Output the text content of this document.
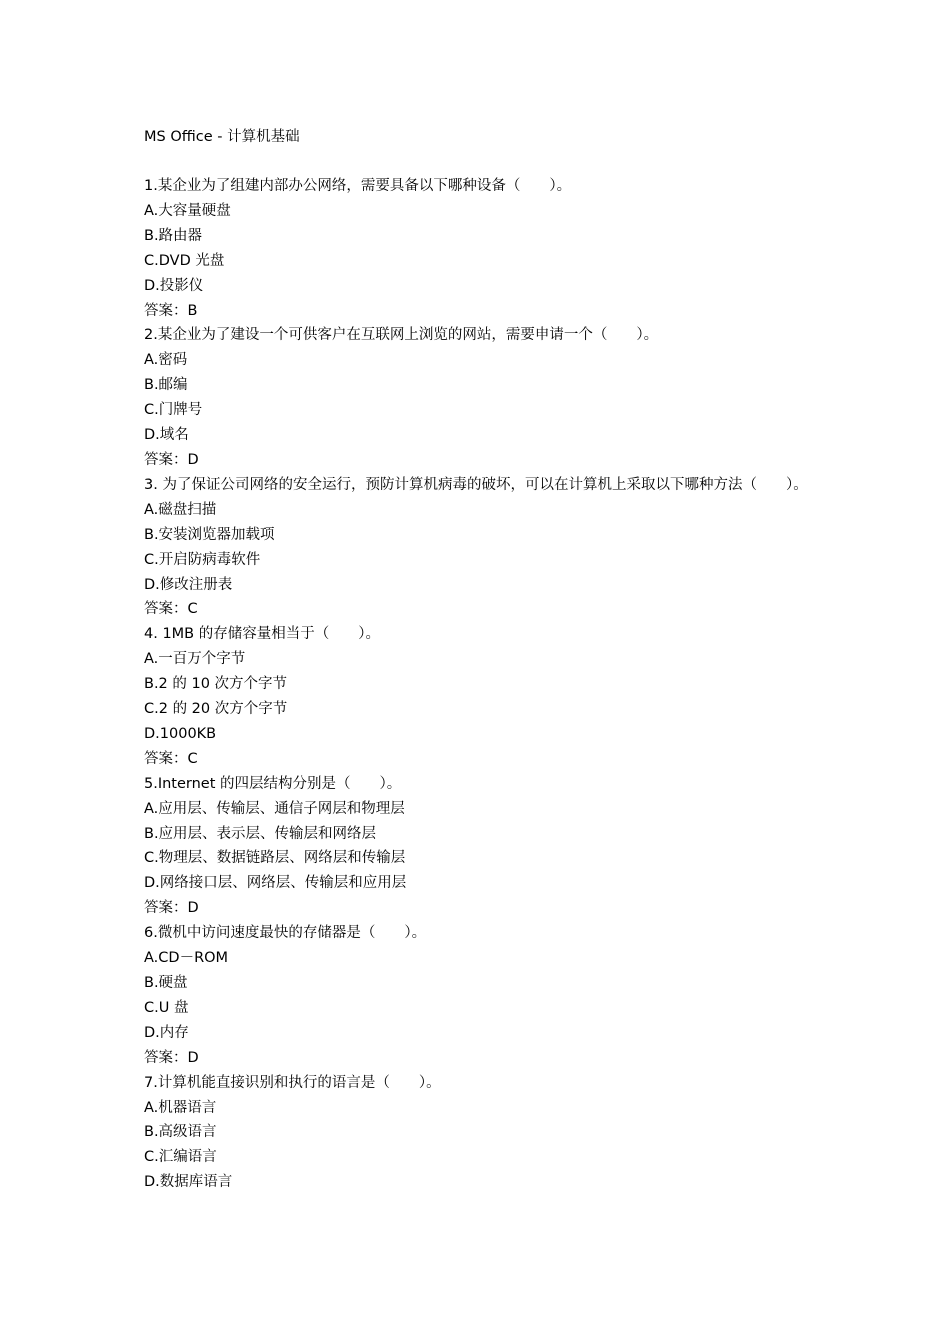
MS Office - 计算机基础

1.某企业为了组建内部办公网络，需要具备以下哪种设备（　　）。

A.大容量硬盘

B.路由器

C.DVD 光盘

D.投影仪

答案：B

2.某企业为了建设一个可供客户在互联网上浏览的网站，需要申请一个（　　）。

A.密码

B.邮编

C.门牌号

D.域名

答案：D

3. 为了保证公司网络的安全运行，预防计算机病毒的破坏，可以在计算机上采取以下哪种方法（　　）。

A.磁盘扫描

B.安装浏览器加载项

C.开启防病毒软件

D.修改注册表

答案：C

4. 1MB 的存储容量相当于（　　）。

A.一百万个字节

B.2 的 10 次方个字节

C.2 的 20 次方个字节

D.1000KB

答案：C

5.Internet 的四层结构分别是（　　）。

A.应用层、传输层、通信子网层和物理层

B.应用层、表示层、传输层和网络层

C.物理层、数据链路层、网络层和传输层

D.网络接口层、网络层、传输层和应用层

答案：D

6.微机中访问速度最快的存储器是（　　）。

A.CD－ROM

B.硬盘

C.U 盘

D.内存

答案：D

7.计算机能直接识别和执行的语言是（　　）。

A.机器语言

B.高级语言

C.汇编语言

D.数据库语言
